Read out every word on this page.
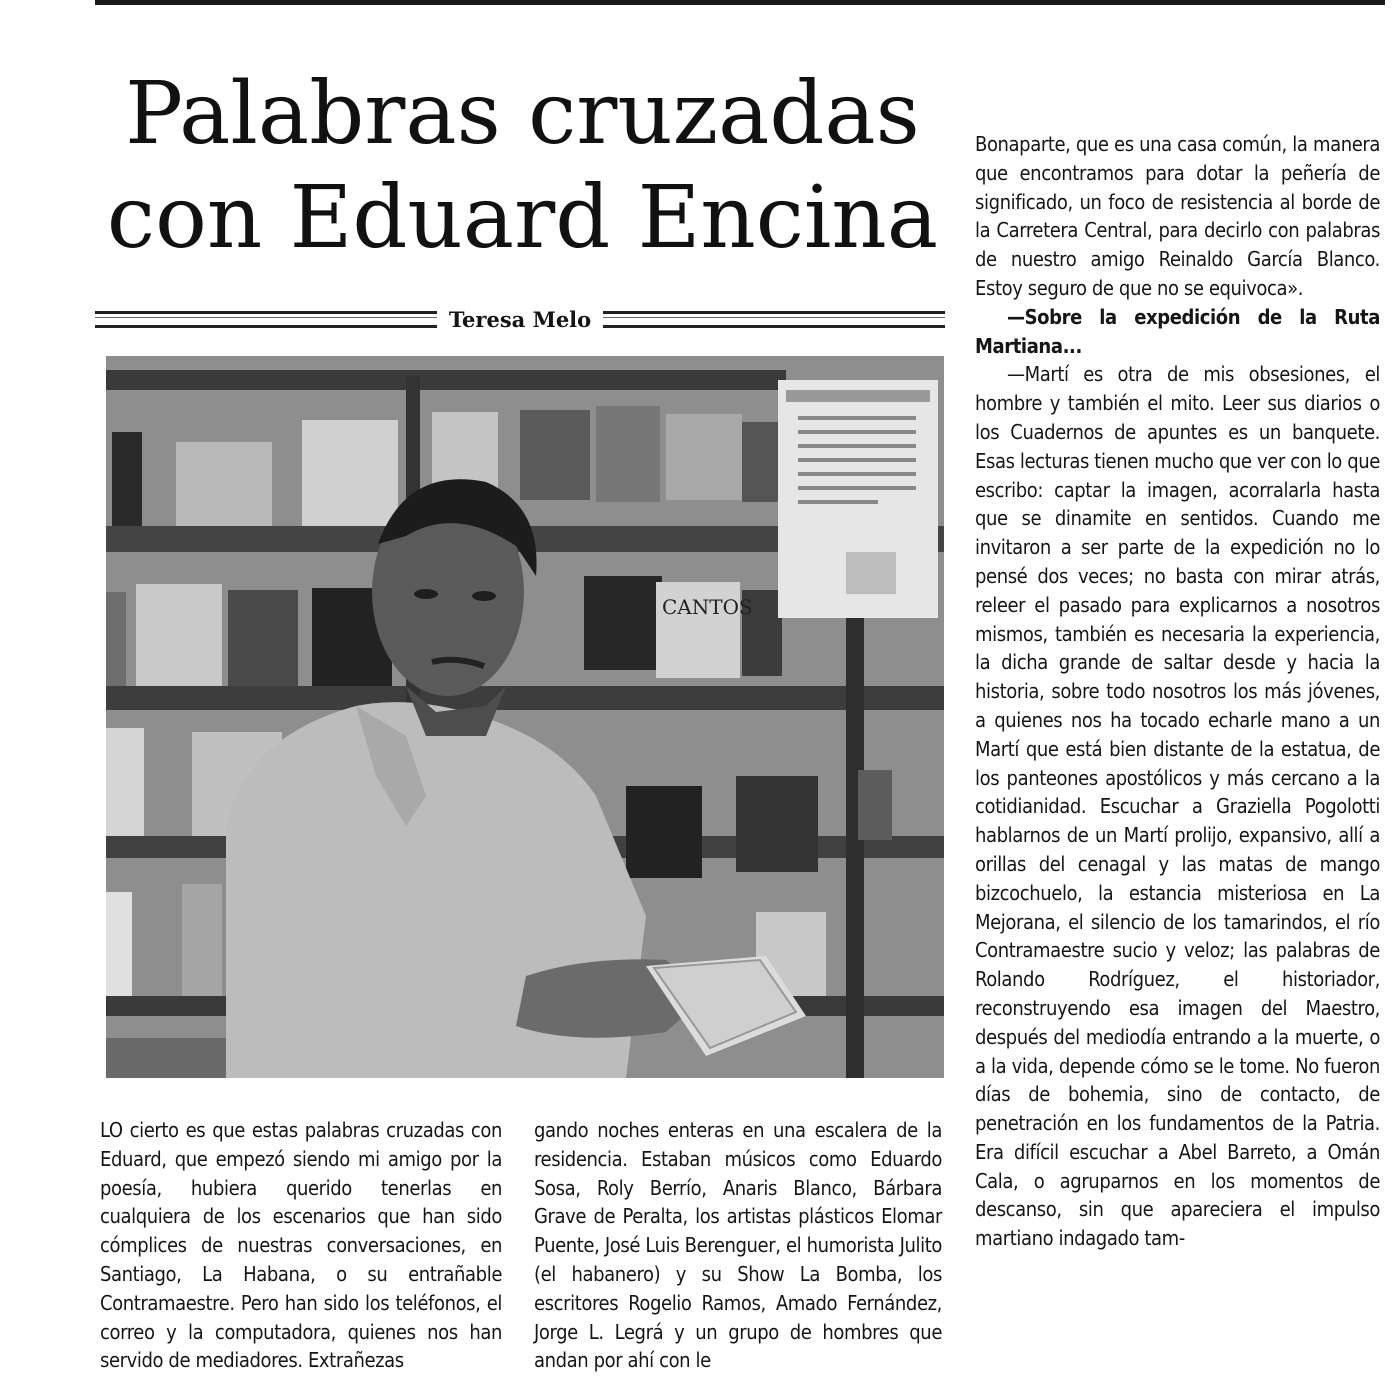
Palabras cruzadas
con Eduard Encina
Teresa Melo
CANTOS

LO cierto es que estas palabras cruzadas con Eduard, que empezó siendo mi amigo por la poesía, hubiera querido tenerlas en cualquiera de los escenarios que han sido cómplices de nuestras conversaciones, en Santiago, La Habana, o su entrañable Contramaestre. Pero han sido los teléfonos, el correo y la computadora, quienes nos han servido de mediadores. Extrañezas

gando noches enteras en una escalera de la residencia. Estaban músicos como Eduardo Sosa, Roly Berrío, Anaris Blanco, Bárbara Grave de Peralta, los artistas plásticos Elomar Puente, José Luis Berenguer, el humorista Julito (el habanero) y su Show La Bomba, los escritores Rogelio Ramos, Amado Fernández, Jorge L. Legrá y un grupo de hombres que andan por ahí con le

Bonaparte, que es una casa común, la manera que encontramos para dotar la peñería de significado, un foco de resistencia al borde de la Carretera Central, para decirlo con palabras de nuestro amigo Reinaldo García Blanco. Estoy seguro de que no se equivoca».

—Sobre la expedición de la Ruta Martiana...

—Martí es otra de mis obsesiones, el hombre y también el mito. Leer sus diarios o los Cuadernos de apuntes es un banquete. Esas lecturas tienen mucho que ver con lo que escribo: captar la imagen, acorralarla hasta que se dinamite en sentidos. Cuando me invitaron a ser parte de la expedición no lo pensé dos veces; no basta con mirar atrás, releer el pasado para explicarnos a nosotros mismos, también es necesaria la experiencia, la dicha grande de saltar desde y hacia la historia, sobre todo nosotros los más jóvenes, a quienes nos ha tocado echarle mano a un Martí que está bien distante de la estatua, de los panteones apostólicos y más cercano a la cotidianidad. Escuchar a Graziella Pogolotti hablarnos de un Martí prolijo, expansivo, allí a orillas del cenagal y las matas de mango bizcochuelo, la estancia misteriosa en La Mejorana, el silencio de los tamarindos, el río Contramaestre sucio y veloz; las palabras de Rolando Rodríguez, el historiador, reconstruyendo esa imagen del Maestro, después del mediodía entrando a la muerte, o a la vida, depende cómo se le tome. No fueron días de bohemia, sino de contacto, de penetración en los fundamentos de la Patria. Era difícil escuchar a Abel Barreto, a Omán Cala, o agruparnos en los momentos de descanso, sin que apareciera el impulso martiano indagado tam-
